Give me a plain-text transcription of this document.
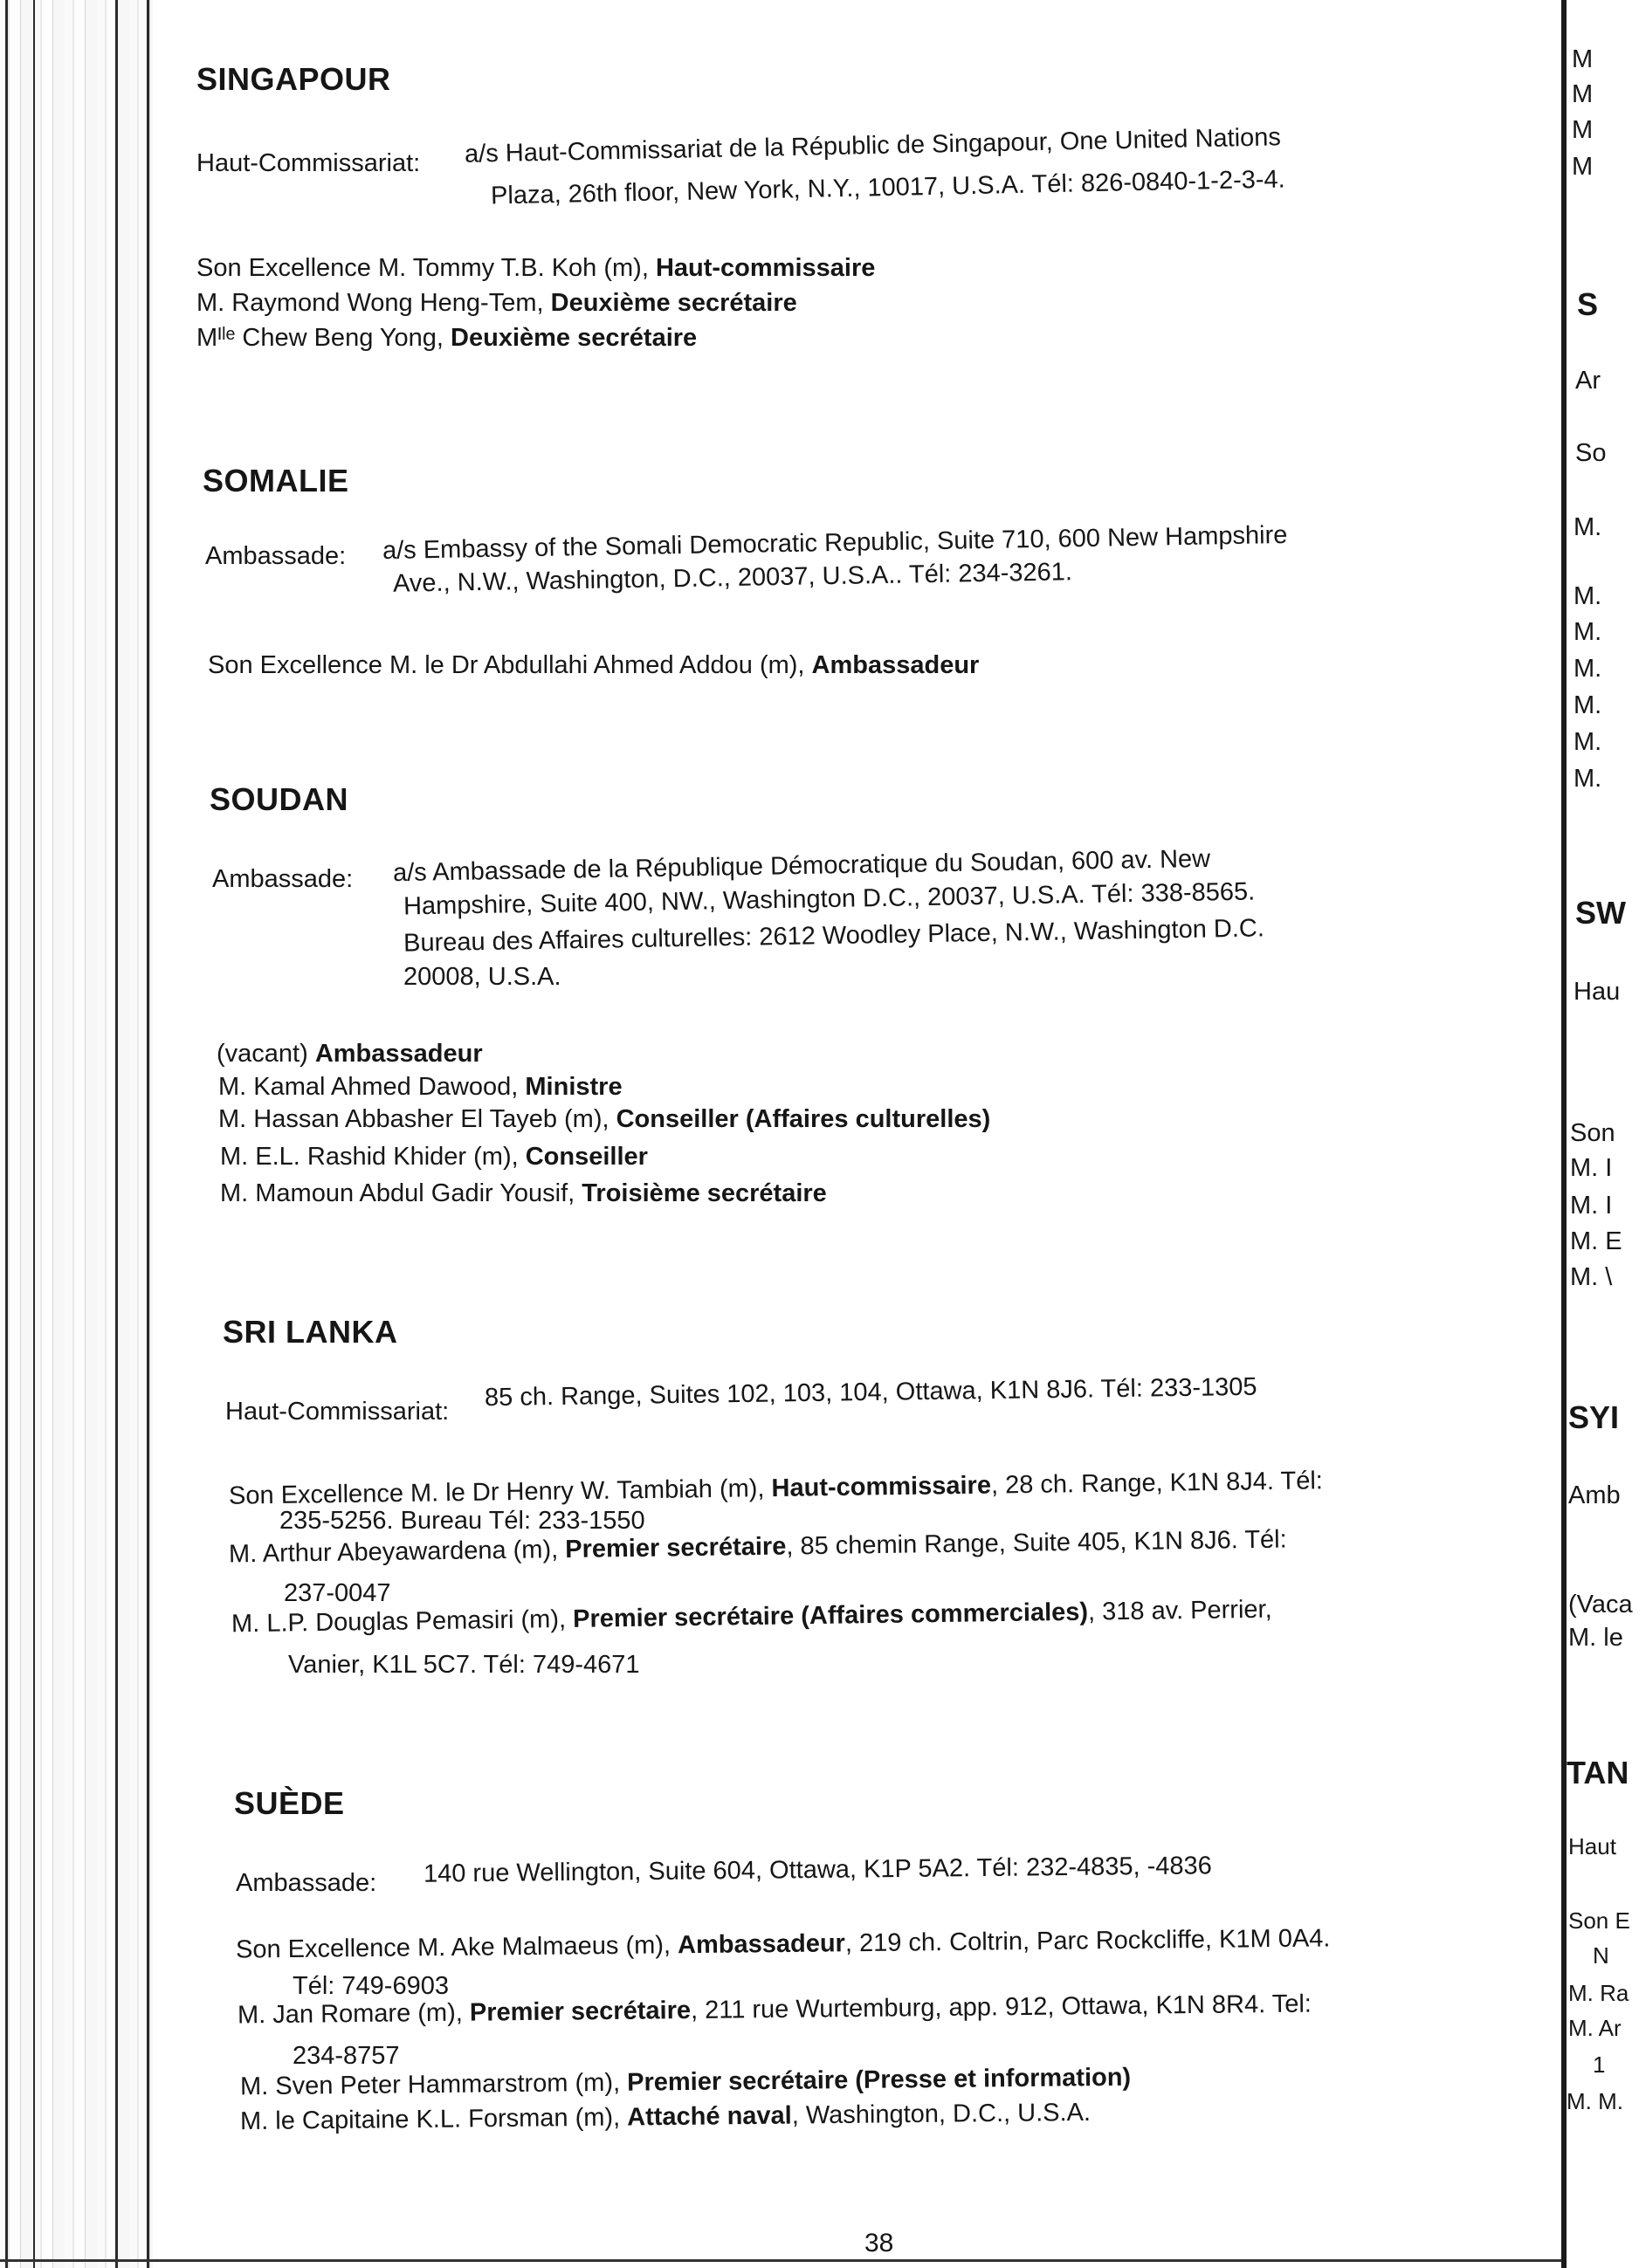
SINGAPOUR
Haut-Commissariat: a/s Haut-Commissariat de la Républic de Singapour, One United Nations
Plaza, 26th floor, New York, N.Y., 10017, U.S.A. Tél: 826-0840-1-2-3-4.
Son Excellence M. Tommy T.B. Koh (m), Haut-commissaire
M. Raymond Wong Heng-Tem, Deuxième secrétaire
Mᴵˡᵉ Chew Beng Yong, Deuxième secrétaire
SOMALIE
Ambassade: a/s Embassy of the Somali Democratic Republic, Suite 710, 600 New Hampshire
Ave., N.W., Washington, D.C., 20037, U.S.A.. Tél: 234-3261.
Son Excellence M. le Dr Abdullahi Ahmed Addou (m), Ambassadeur
SOUDAN
Ambassade: a/s Ambassade de la République Démocratique du Soudan, 600 av. New
Hampshire, Suite 400, NW., Washington D.C., 20037, U.S.A. Tél: 338-8565.
Bureau des Affaires culturelles: 2612 Woodley Place, N.W., Washington D.C.
20008, U.S.A.
(vacant) Ambassadeur
M. Kamal Ahmed Dawood, Ministre
M. Hassan Abbasher El Tayeb (m), Conseiller (Affaires culturelles)
M. E.L. Rashid Khider (m), Conseiller
M. Mamoun Abdul Gadir Yousif, Troisième secrétaire
SRI LANKA
Haut-Commissariat: 85 ch. Range, Suites 102, 103, 104, Ottawa, K1N 8J6. Tél: 233-1305
Son Excellence M. le Dr Henry W. Tambiah (m), Haut-commissaire, 28 ch. Range, K1N 8J4. Tél:
235-5256. Bureau Tél: 233-1550
M. Arthur Abeyawardena (m), Premier secrétaire, 85 chemin Range, Suite 405, K1N 8J6. Tél:
237-0047
M. L.P. Douglas Pemasiri (m), Premier secrétaire (Affaires commerciales), 318 av. Perrier,
Vanier, K1L 5C7. Tél: 749-4671
SUÈDE
Ambassade: 140 rue Wellington, Suite 604, Ottawa, K1P 5A2. Tél: 232-4835, -4836
Son Excellence M. Ake Malmaeus (m), Ambassadeur, 219 ch. Coltrin, Parc Rockcliffe, K1M 0A4.
Tél: 749-6903
M. Jan Romare (m), Premier secrétaire, 211 rue Wurtemburg, app. 912, Ottawa, K1N 8R4. Tel:
234-8757
M. Sven Peter Hammarstrom (m), Premier secrétaire (Presse et information)
M. le Capitaine K.L. Forsman (m), Attaché naval, Washington, D.C., U.S.A.
38
M
M
M
M
S
Ar
So
M.
M.
M.
M.
M.
M.
M.
SW
Hau
Son
M. I
M. I
M. E
M. \
SYI
Amb
(Vaca
M. le
TAN
Haut
Son E
N
M. Ra
M. Ar
1
M. M.
